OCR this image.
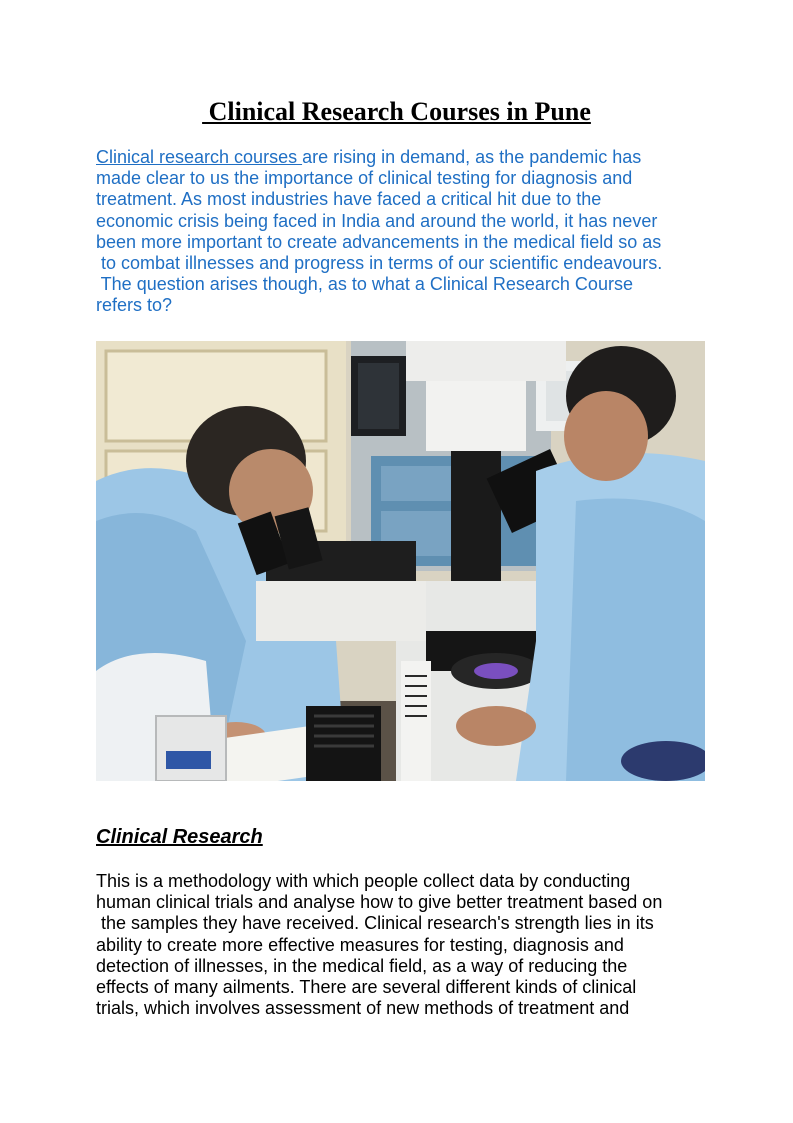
Clinical Research Courses in Pune
Clinical research courses are rising in demand, as the pandemic has
made clear to us the importance of clinical testing for diagnosis and
treatment. As most industries have faced a critical hit due to the
economic crisis being faced in India and around the world, it has never
been more important to create advancements in the medical field so as
to combat illnesses and progress in terms of our scientific endeavours.
The question arises though, as to what a Clinical Research Course
refers to?
Clinical Research
This is a methodology with which people collect data by conducting
human clinical trials and analyse how to give better treatment based on
the samples they have received. Clinical research's strength lies in its
ability to create more effective measures for testing, diagnosis and
detection of illnesses, in the medical field, as a way of reducing the
effects of many ailments. There are several different kinds of clinical
trials, which involves assessment of new methods of treatment and
